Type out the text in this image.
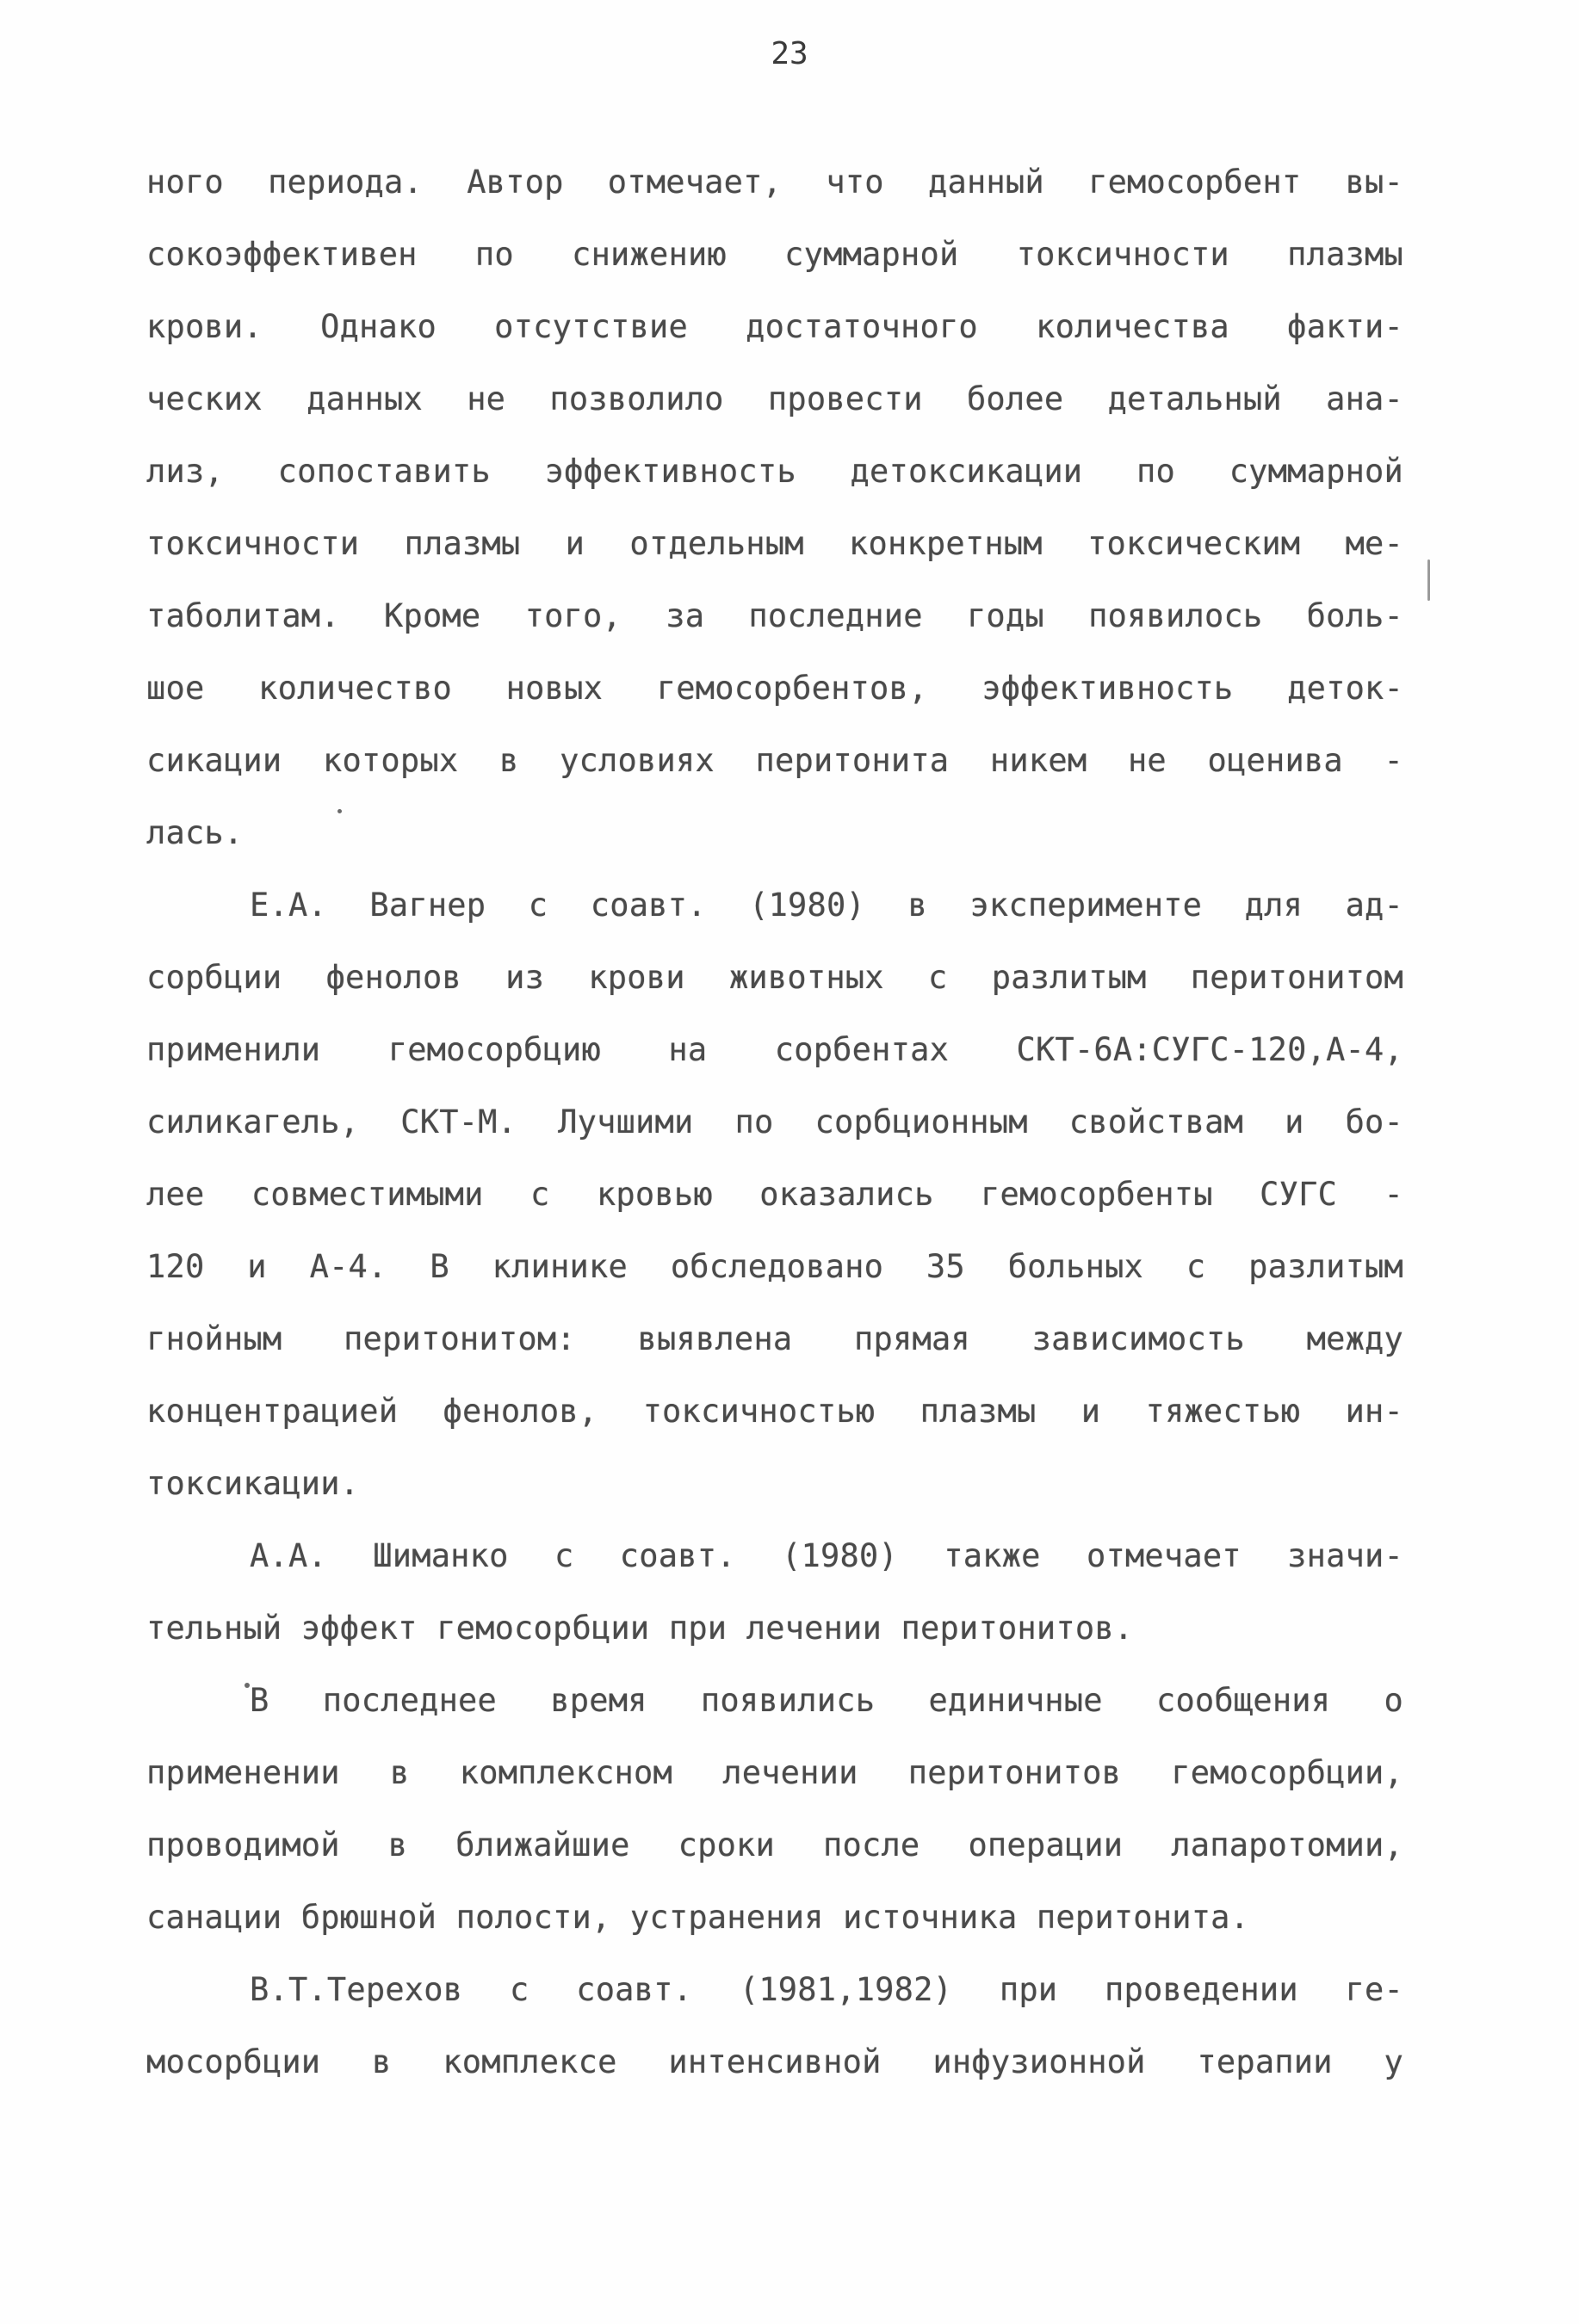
23

ного периода. Автор отмечает, что данный гемосорбент вы-
сокоэффективен по снижению суммарной токсичности плазмы
крови. Однако отсутствие достаточного количества факти-
ческих данных не позволило провести более детальный ана-
лиз, сопоставить эффективность детоксикации по суммарной
токсичности плазмы и отдельным конкретным токсическим ме-
таболитам. Кроме того, за последние годы появилось боль-
шое количество новых гемосорбентов, эффективность деток-
сикации которых в условиях перитонита никем не оценива -
лась.
Е.А. Вагнер с соавт. (1980) в эксперименте для ад-
сорбции фенолов из крови животных с разлитым перитонитом
применили гемосорбцию на сорбентах СКТ-6А:СУГС-120,А-4,
силикагель, СКТ-М. Лучшими по сорбционным свойствам и бо-
лее совместимыми с кровью оказались гемосорбенты СУГС -
120 и А-4. В клинике обследовано 35 больных с разлитым
гнойным перитонитом: выявлена прямая зависимость между
концентрацией фенолов, токсичностью плазмы и тяжестью ин-
токсикации.
А.А. Шиманко с соавт. (1980) также отмечает значи-
тельный эффект гемосорбции при лечении перитонитов.
В последнее время появились единичные сообщения о
применении в комплексном лечении перитонитов гемосорбции,
проводимой в ближайшие сроки после операции лапаротомии,
санации брюшной полости, устранения источника перитонита.
В.Т.Терехов с соавт. (1981,1982) при проведении ге-
мосорбции в комплексе интенсивной инфузионной терапии у
